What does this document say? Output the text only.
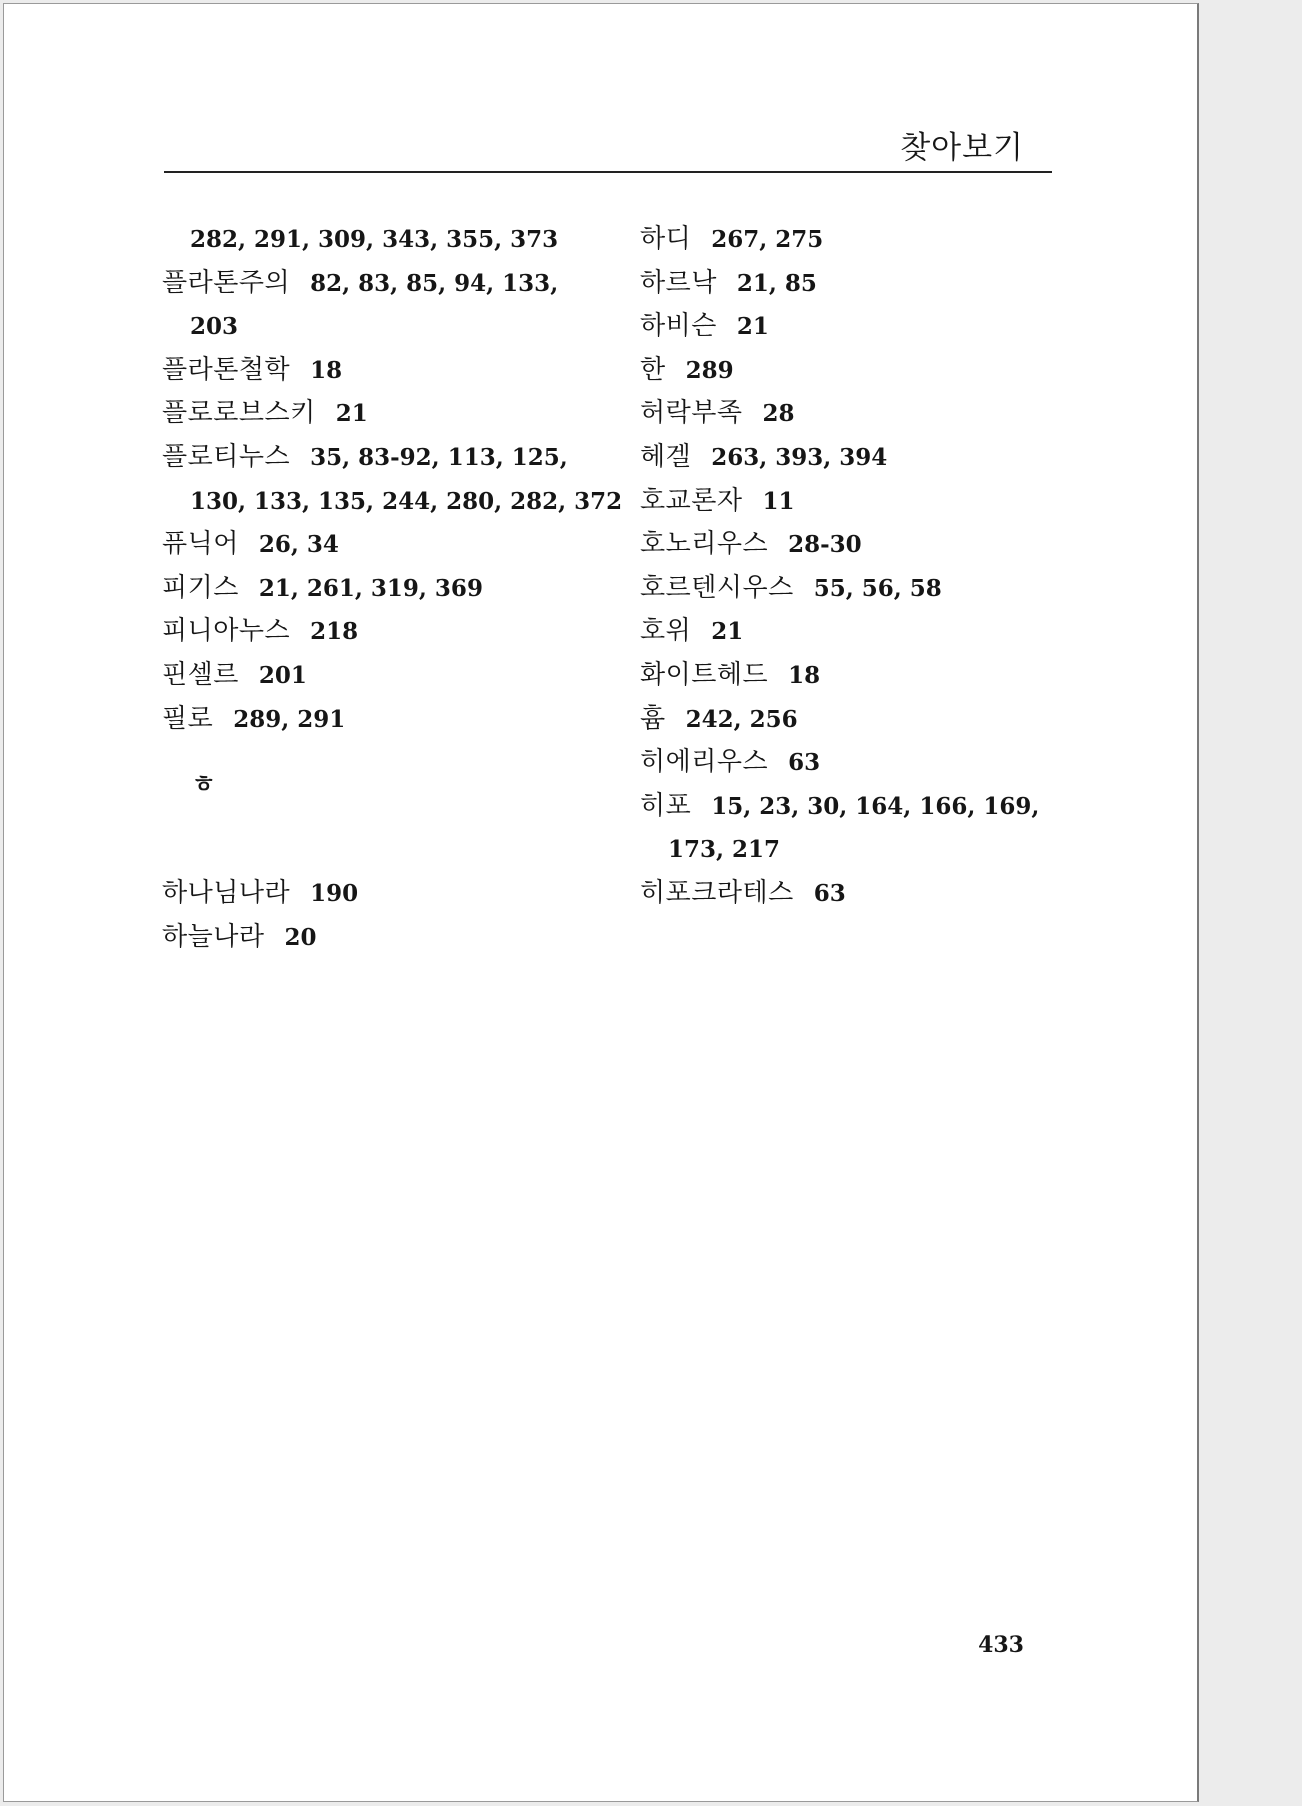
찾아보기
282, 291, 309, 343, 355, 373
플라톤주의 82, 83, 85, 94, 133,
203
플라톤철학 18
플로로브스키 21
플로티누스 35, 83-92, 113, 125,
130, 133, 135, 244, 280, 282, 372
퓨닉어 26, 34
피기스 21, 261, 319, 369
피니아누스 218
핀셀르 201
필로 289, 291
ㅎ
하나님나라 190
하늘나라 20
하디 267, 275
하르낙 21, 85
하비슨 21
한 289
허락부족 28
헤겔 263, 393, 394
호교론자 11
호노리우스 28-30
호르텐시우스 55, 56, 58
호위 21
화이트헤드 18
흄 242, 256
히에리우스 63
히포 15, 23, 30, 164, 166, 169,
173, 217
히포크라테스 63
433
